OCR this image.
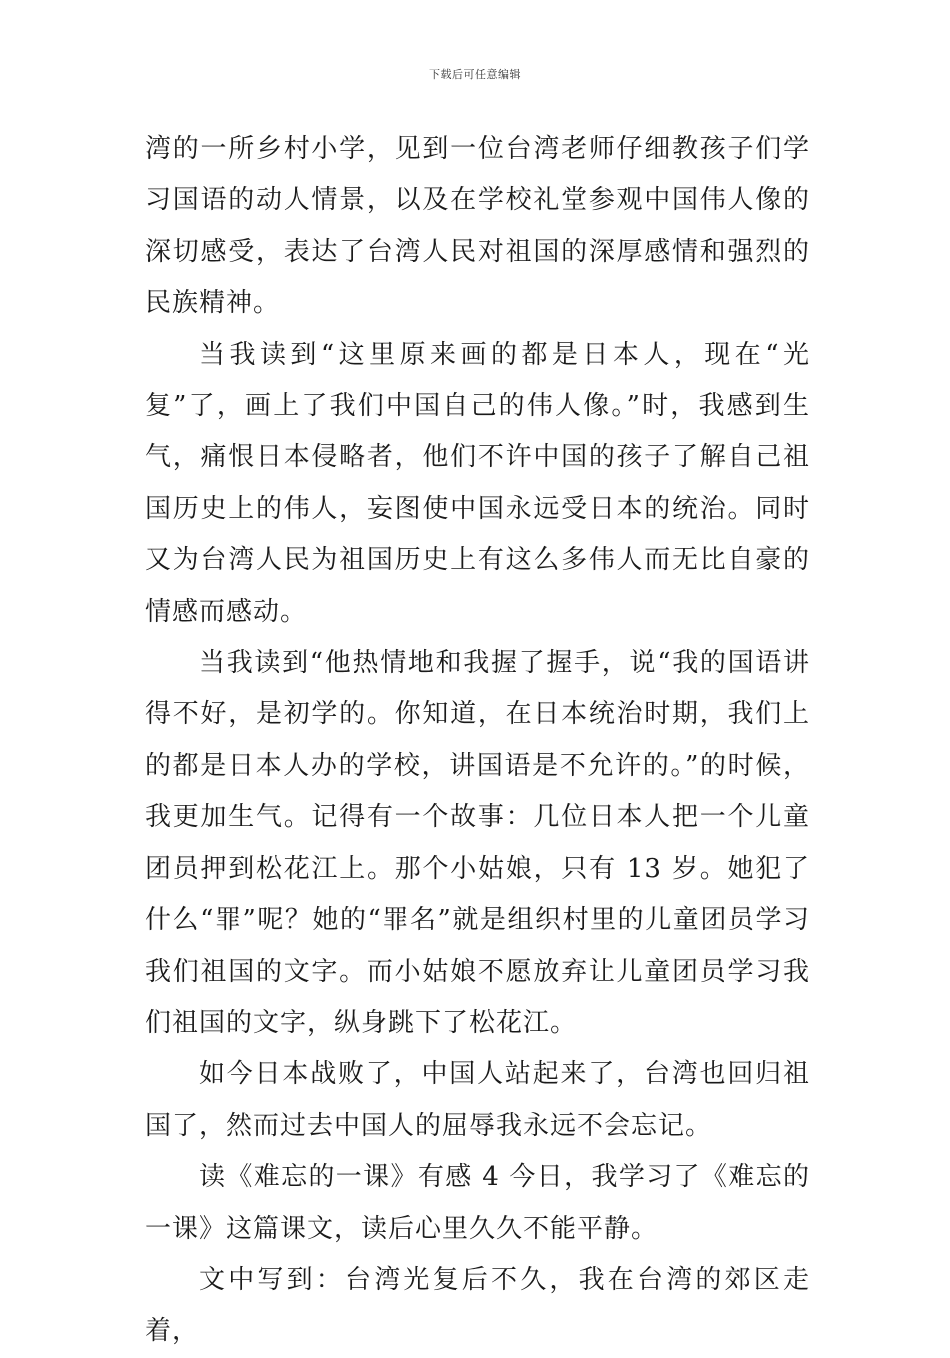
下载后可任意编辑

湾的一所乡村小学，见到一位台湾老师仔细教孩子们学习国语的动人情景，以及在学校礼堂参观中国伟人像的深切感受，表达了台湾人民对祖国的深厚感情和强烈的民族精神。

当我读到“这里原来画的都是日本人，现在“光复”了，画上了我们中国自己的伟人像。”时，我感到生气，痛恨日本侵略者，他们不许中国的孩子了解自己祖国历史上的伟人，妄图使中国永远受日本的统治。同时又为台湾人民为祖国历史上有这么多伟人而无比自豪的情感而感动。

当我读到“他热情地和我握了握手，说“我的国语讲得不好，是初学的。你知道，在日本统治时期，我们上的都是日本人办的学校，讲国语是不允许的。”的时候，我更加生气。记得有一个故事：几位日本人把一个儿童团员押到松花江上。那个小姑娘，只有 13 岁。她犯了什么“罪”呢？她的“罪名”就是组织村里的儿童团员学习我们祖国的文字。而小姑娘不愿放弃让儿童团员学习我们祖国的文字，纵身跳下了松花江。

如今日本战败了，中国人站起来了，台湾也回归祖国了，然而过去中国人的屈辱我永远不会忘记。

读《难忘的一课》有感 4 今日，我学习了《难忘的一课》这篇课文，读后心里久久不能平静。

文中写到：台湾光复后不久，我在台湾的郊区走着，
